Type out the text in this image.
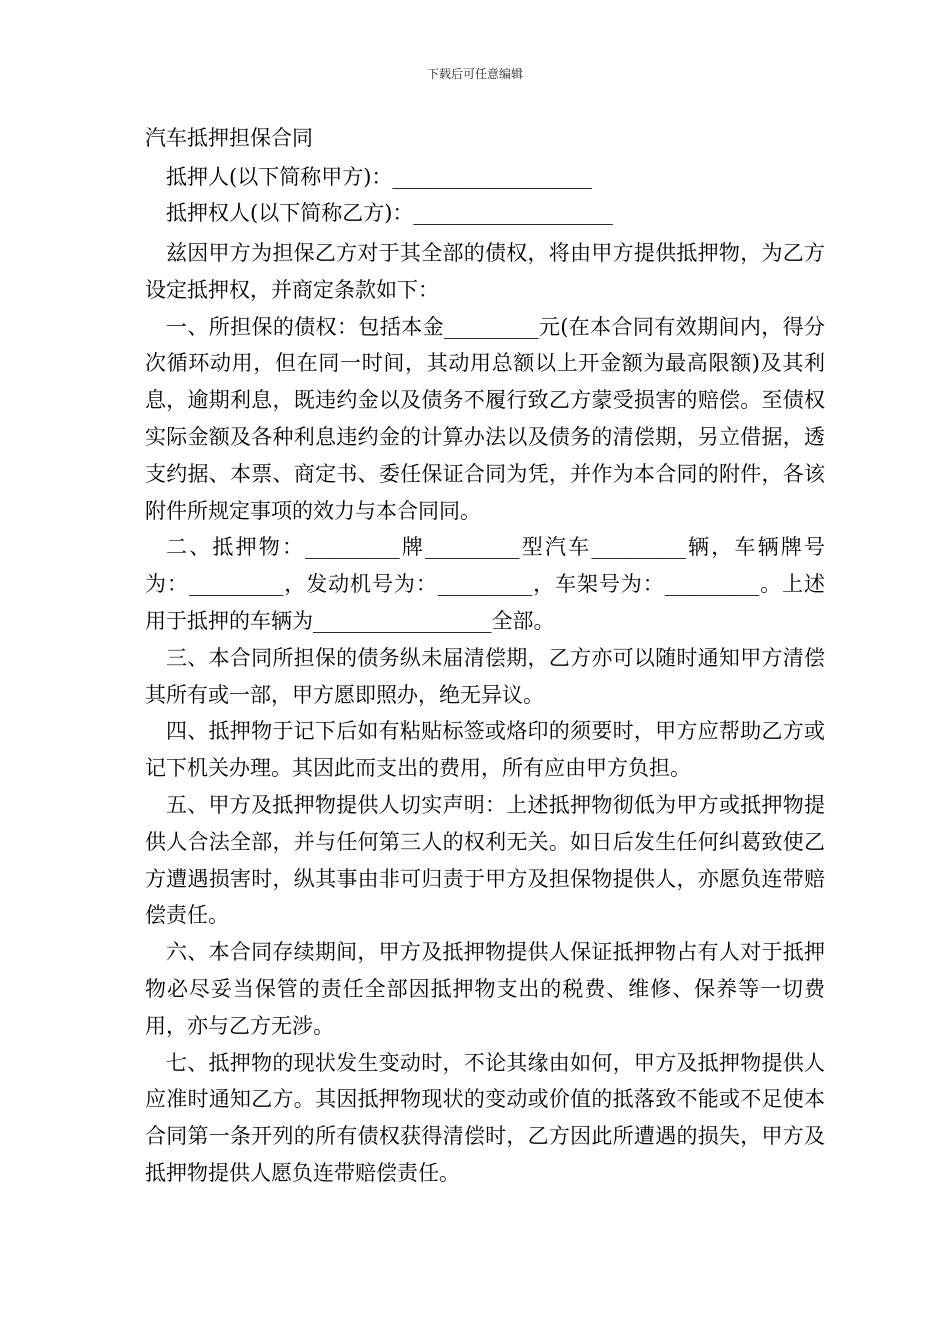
下载后可任意编辑
汽车抵押担保合同
抵押人(以下简称甲方)：___________________
抵押权人(以下简称乙方)：___________________

兹因甲方为担保乙方对于其全部的债权，将由甲方提供抵押物，为乙方设定抵押权，并商定条款如下：

一、所担保的债权：包括本金_________元(在本合同有效期间内，得分次循环动用，但在同一时间，其动用总额以上开金额为最高限额)及其利息，逾期利息，既违约金以及债务不履行致乙方蒙受损害的赔偿。至债权实际金额及各种利息违约金的计算办法以及债务的清偿期，另立借据，透支约据、本票、商定书、委任保证合同为凭，并作为本合同的附件，各该附件所规定事项的效力与本合同同。

二、抵押物：_________牌_________型汽车_________辆，车辆牌号为：_________，发动机号为：_________，车架号为：_________。上述用于抵押的车辆为_________________全部。

三、本合同所担保的债务纵未届清偿期，乙方亦可以随时通知甲方清偿其所有或一部，甲方愿即照办，绝无异议。

四、抵押物于记下后如有粘贴标签或烙印的须要时，甲方应帮助乙方或记下机关办理。其因此而支出的费用，所有应由甲方负担。

五、甲方及抵押物提供人切实声明：上述抵押物彻低为甲方或抵押物提供人合法全部，并与任何第三人的权利无关。如日后发生任何纠葛致使乙方遭遇损害时，纵其事由非可归责于甲方及担保物提供人，亦愿负连带赔偿责任。

六、本合同存续期间，甲方及抵押物提供人保证抵押物占有人对于抵押物必尽妥当保管的责任全部因抵押物支出的税费、维修、保养等一切费用，亦与乙方无涉。

七、抵押物的现状发生变动时，不论其缘由如何，甲方及抵押物提供人应准时通知乙方。其因抵押物现状的变动或价值的抵落致不能或不足使本合同第一条开列的所有债权获得清偿时，乙方因此所遭遇的损失，甲方及抵押物提供人愿负连带赔偿责任。
